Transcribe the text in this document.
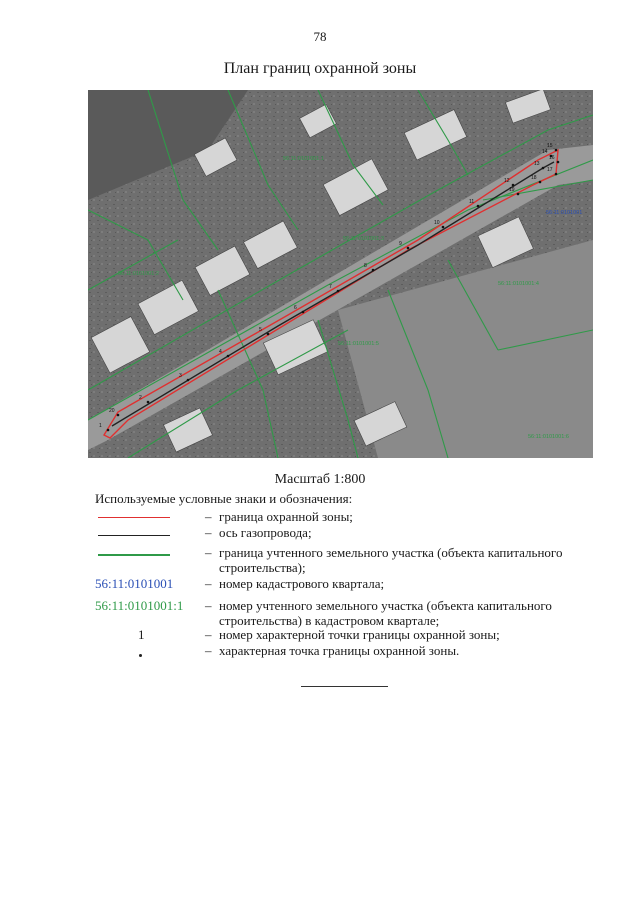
78
План границ охранной зоны
1
2
3
4
5
6
7
8
9
10
11
12
13
14
15
16
17
18
19
20
56:11:0101001:1
56:11:0101001:2
56:11:0101001:3
56:11:0101001:4
56:11:0101001:5
56:11:0101001:6
56:11:0101001
Масштаб 1:800
Используемые условные знаки и обозначения:
– граница охранной зоны;
– ось газопровода;
– граница учтенного земельного участка (объекта капитального строительства);
56:11:0101001 – номер кадастрового квартала;
56:11:0101001:1 – номер учтенного земельного участка (объекта капитального строительства) в кадастровом квартале;
1	– номер характерной точки границы охранной зоны;
– характерная точка границы охранной зоны.
